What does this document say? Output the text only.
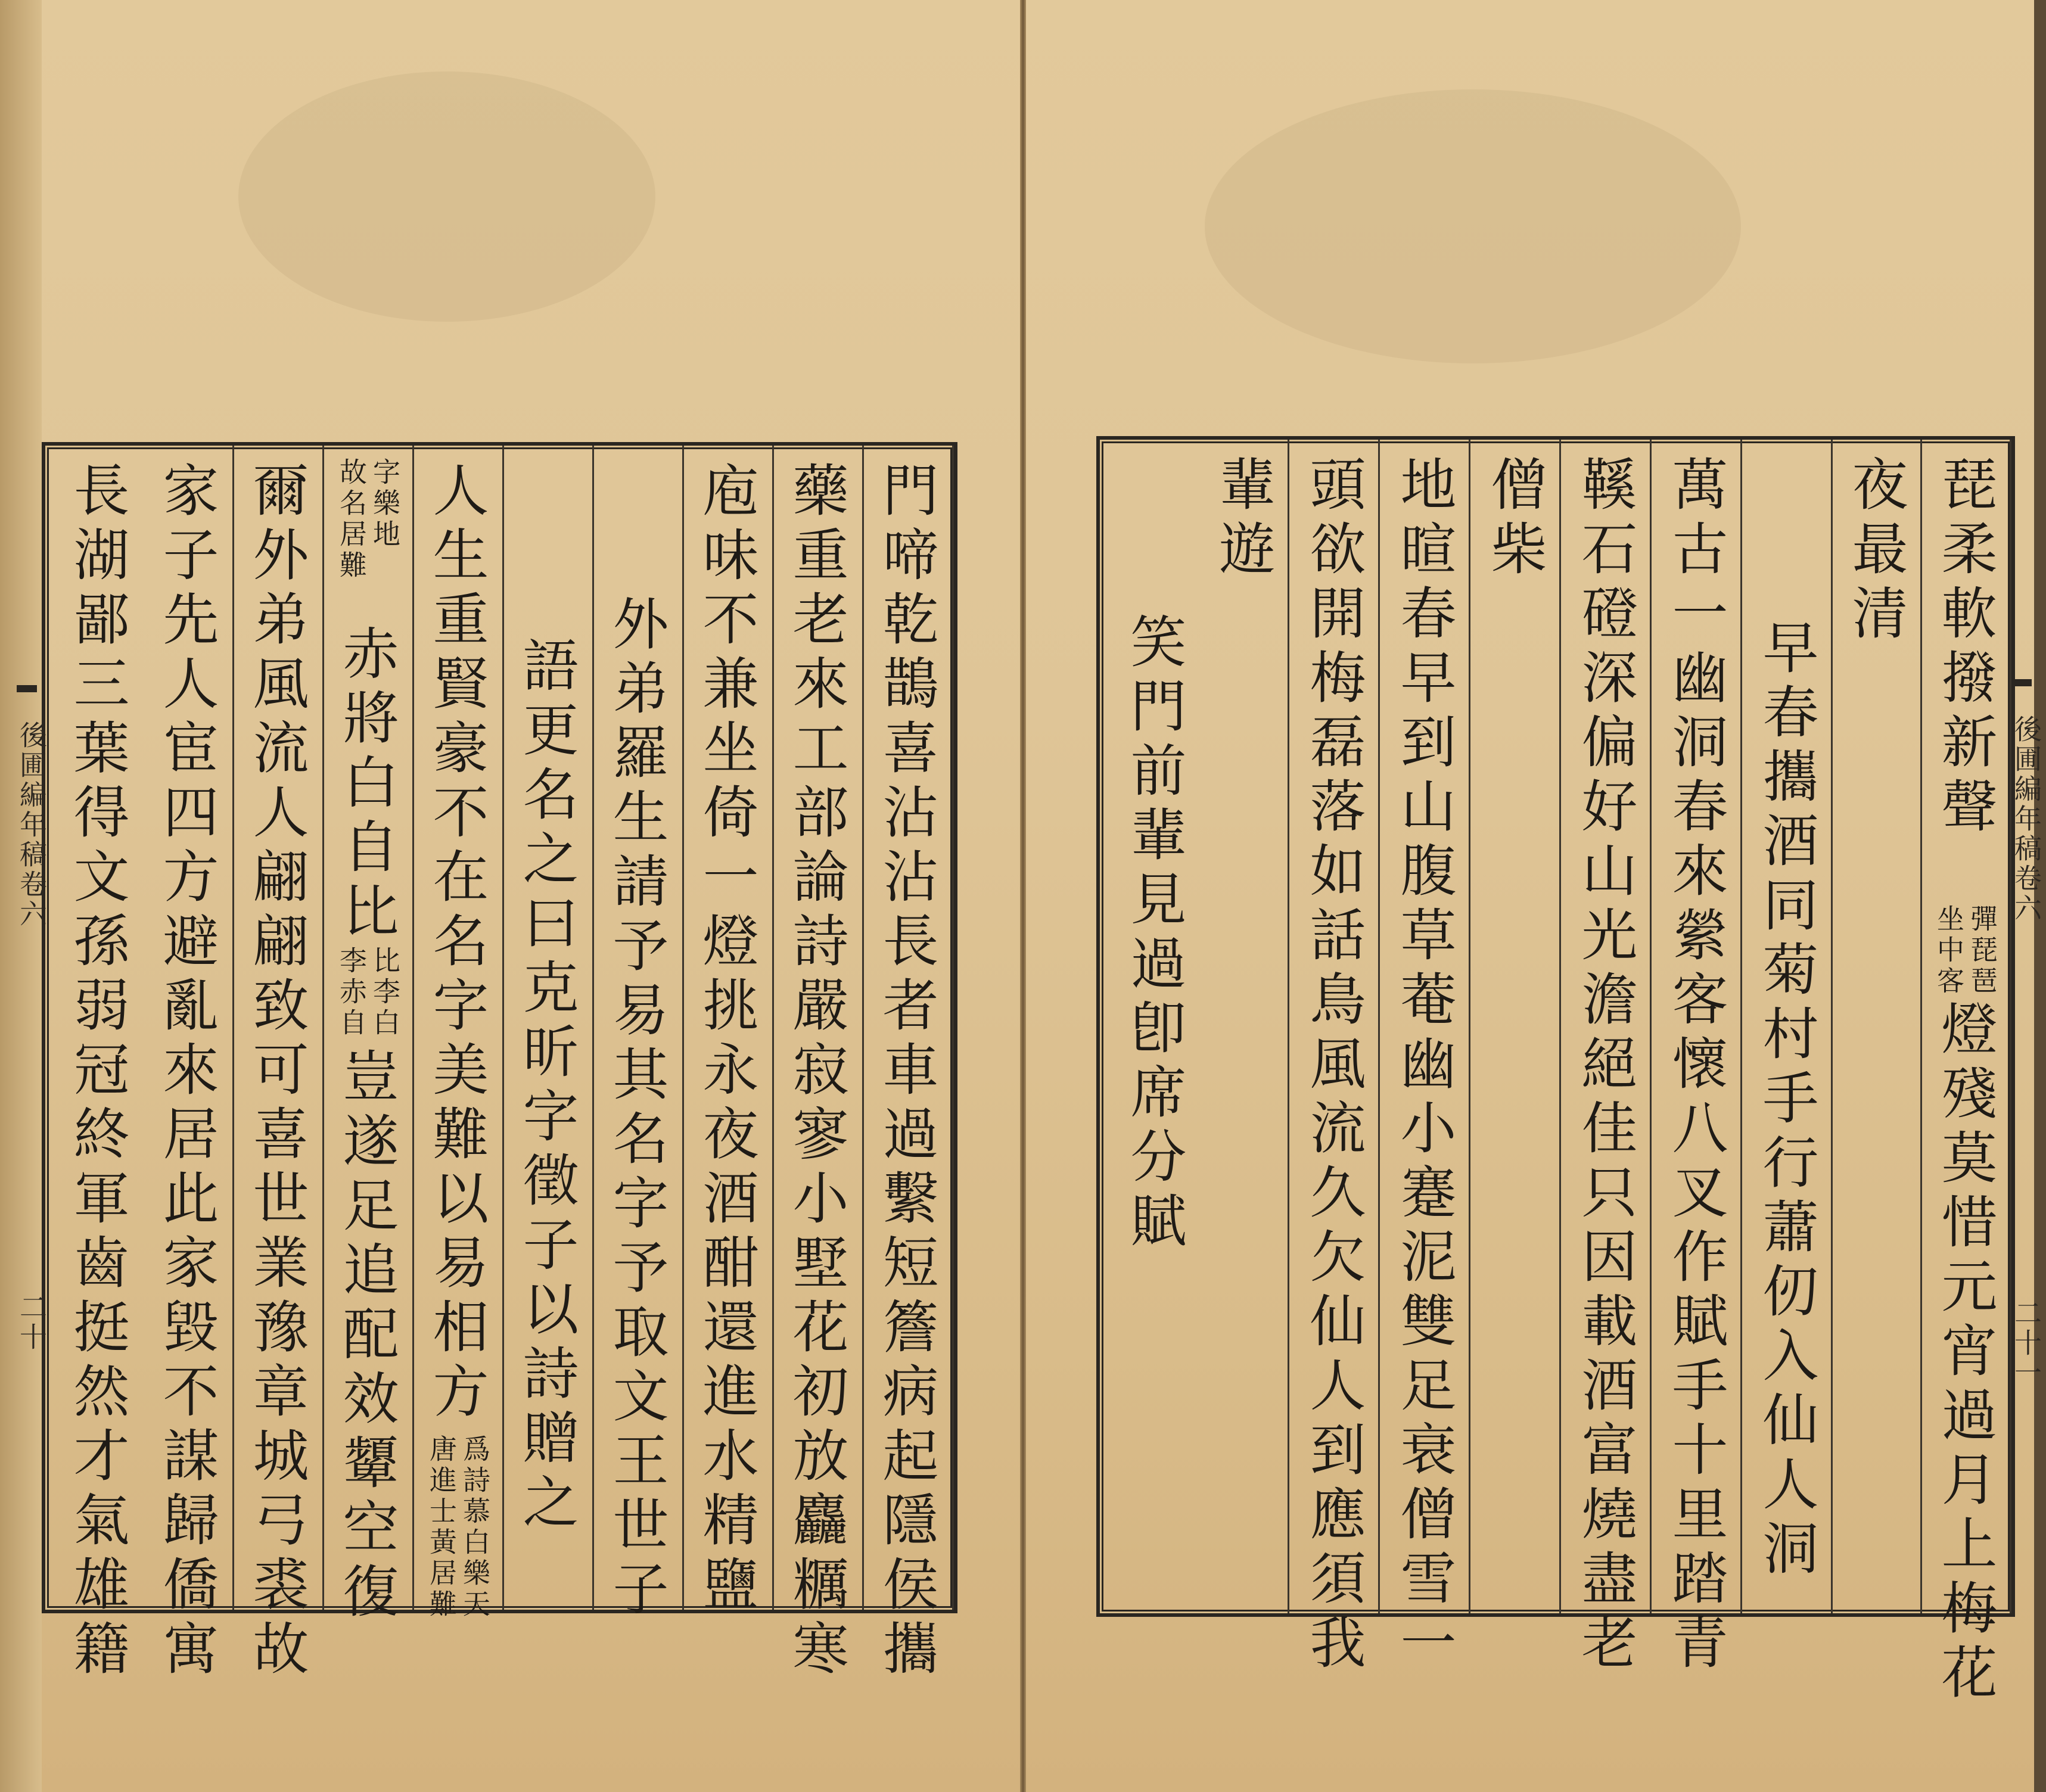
門啼乾鵲喜沾沾長者車過繫短簷病起隱侯攜
藥重老來工部論詩嚴寂寥小墅花初放麤糲寒
庖味不兼坐倚一燈挑永夜酒酣還進水精鹽
外弟羅生請予易其名字予取文王世子
語更名之曰克昕字徵子以詩贈之
人生重賢豪不在名字美難以易相方
唐進士黃居難 爲詩慕白樂天
故名居難 字樂地
赤將白自比
李赤自 比李白
豈遂足追配效顰空復
爾外弟風流人翩翩致可喜世業豫章城弓裘故
家子先人宦四方避亂來居此家毀不謀歸僑寓
長湖鄙三葉得文孫弱冠終軍齒挺然才氣雄籍
後圃編年稿卷六
二十
琵柔軟撥新聲
坐中客 彈琵琶
燈殘莫惜元宵過月上梅花
夜最清
早春攜酒同菊村手行蕭仞入仙人洞
萬古一幽洞春來縈客懷八叉作賦手十里踏青
鞵石磴深偏好山光澹絕佳只因載酒富燒盡老
僧柴
地暄春早到山腹草菴幽小蹇泥雙足衰僧雪一
頭欲開梅磊落如話鳥風流久欠仙人到應須我
輩遊
笑門前輩見過卽席分賦	後圃編年稿卷六
二十一
